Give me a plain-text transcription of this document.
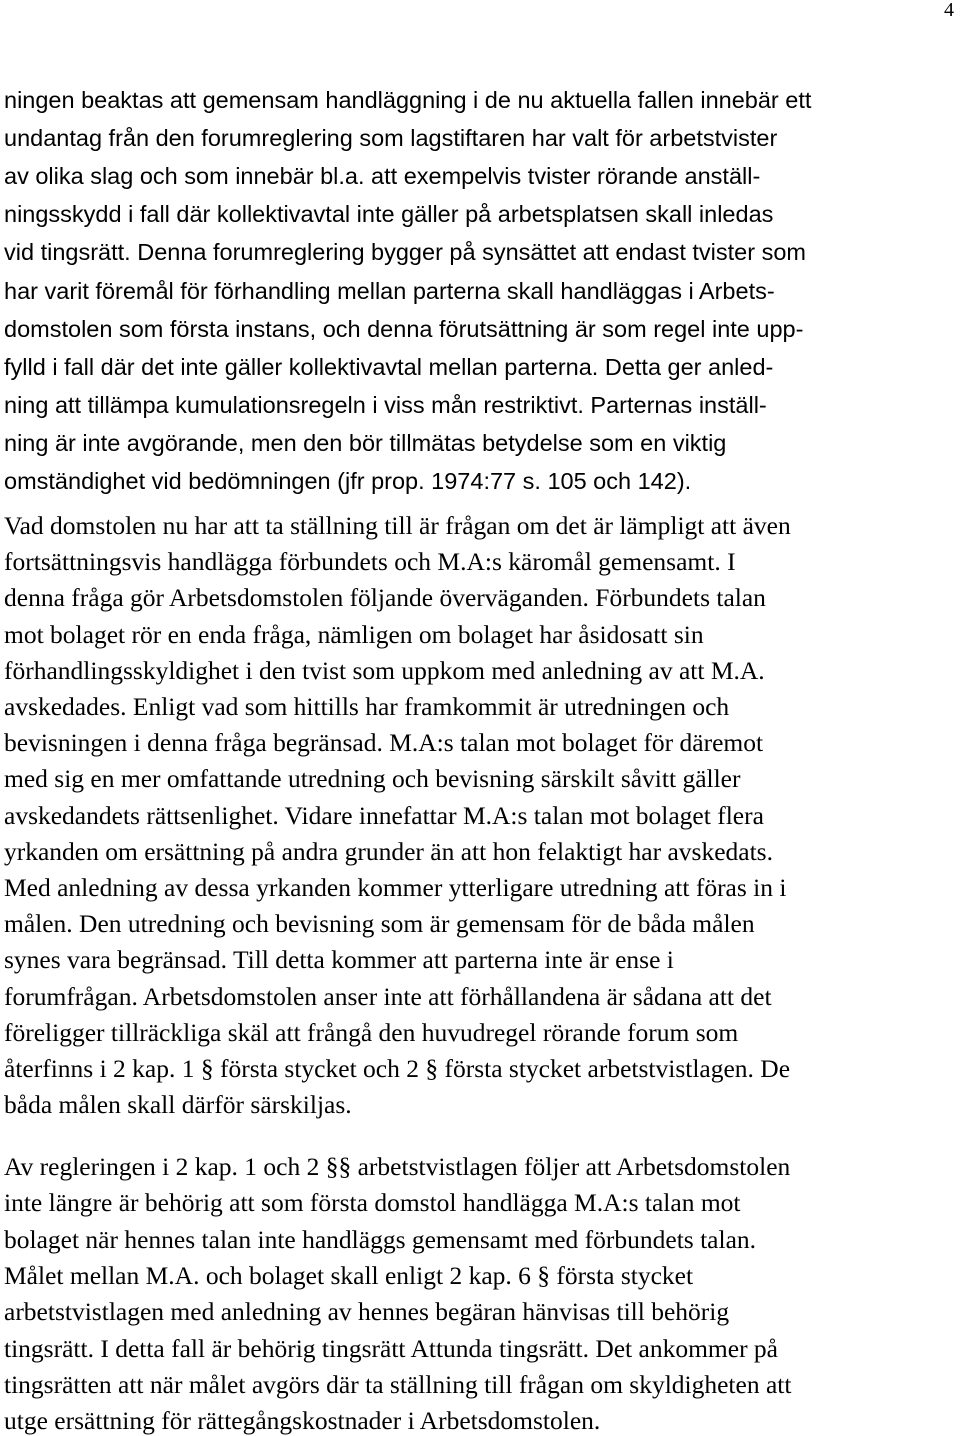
4
ningen beaktas att gemensam handläggning i de nu aktuella fallen innebär ett
undantag från den forumreglering som lagstiftaren har valt för arbetstvister
av olika slag och som innebär bl.a. att exempelvis tvister rörande anställ-
ningsskydd i fall där kollektivavtal inte gäller på arbetsplatsen skall inledas
vid tingsrätt. Denna forumreglering bygger på synsättet att endast tvister som
har varit föremål för förhandling mellan parterna skall handläggas i Arbets-
domstolen som första instans, och denna förutsättning är som regel inte upp-
fylld i fall där det inte gäller kollektivavtal mellan parterna. Detta ger anled-
ning att tillämpa kumulationsregeln i viss mån restriktivt. Parternas inställ-
ning är inte avgörande, men den bör tillmätas betydelse som en viktig
omständighet vid bedömningen (jfr prop. 1974:77 s. 105 och 142).
Vad domstolen nu har att ta ställning till är frågan om det är lämpligt att även
fortsättningsvis handlägga förbundets och M.A:s käromål gemensamt. I
denna fråga gör Arbetsdomstolen följande överväganden. Förbundets talan
mot bolaget rör en enda fråga, nämligen om bolaget har åsidosatt sin
förhandlingsskyldighet i den tvist som uppkom med anledning av att M.A.
avskedades. Enligt vad som hittills har framkommit är utredningen och
bevisningen i denna fråga begränsad. M.A:s talan mot bolaget för däremot
med sig en mer omfattande utredning och bevisning särskilt såvitt gäller
avskedandets rättsenlighet. Vidare innefattar M.A:s talan mot bolaget flera
yrkanden om ersättning på andra grunder än att hon felaktigt har avskedats.
Med anledning av dessa yrkanden kommer ytterligare utredning att föras in i
målen. Den utredning och bevisning som är gemensam för de båda målen
synes vara begränsad. Till detta kommer att parterna inte är ense i
forumfrågan. Arbetsdomstolen anser inte att förhållandena är sådana att det
föreligger tillräckliga skäl att frångå den huvudregel rörande forum som
återfinns i 2 kap. 1 § första stycket och 2 § första stycket arbetstvistlagen. De
båda målen skall därför särskiljas.
Av regleringen i 2 kap. 1 och 2 §§ arbetstvistlagen följer att Arbetsdomstolen
inte längre är behörig att som första domstol handlägga M.A:s talan mot
bolaget när hennes talan inte handläggs gemensamt med förbundets talan.
Målet mellan M.A. och bolaget skall enligt 2 kap. 6 § första stycket
arbetstvistlagen med anledning av hennes begäran hänvisas till behörig
tingsrätt. I detta fall är behörig tingsrätt Attunda tingsrätt. Det ankommer på
tingsrätten att när målet avgörs där ta ställning till frågan om skyldigheten att
utge ersättning för rättegångskostnader i Arbetsdomstolen.
